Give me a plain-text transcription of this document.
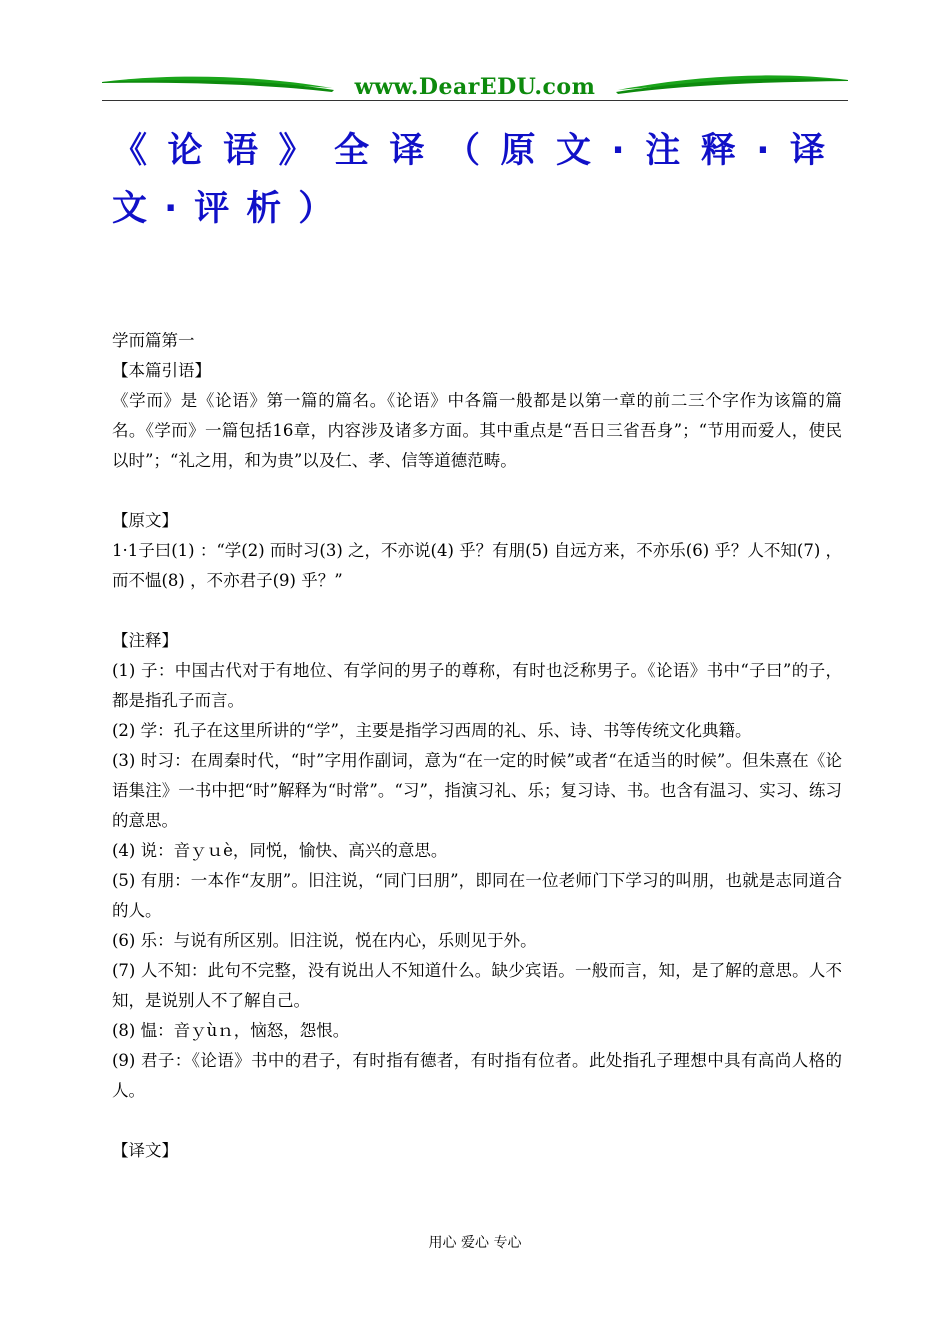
www.DearEDU.com
《论语》全译（原文·注释·译文·评析）

学而篇第一

【本篇引语】

《学而》是《论语》第一篇的篇名。《论语》中各篇一般都是以第一章的前二三个字作为该篇的篇名。《学而》一篇包括16章，内容涉及诸多方面。其中重点是“吾日三省吾身”；“节用而爱人，使民以时”；“礼之用，和为贵”以及仁、孝、信等道德范畴。

【原文】

1·1子曰(1) ：“学(2) 而时习(3) 之，不亦说(4) 乎？有朋(5) 自远方来，不亦乐(6) 乎？人不知(7) ，而不愠(8) ，不亦君子(9) 乎？”

【注释】

(1) 子：中国古代对于有地位、有学问的男子的尊称，有时也泛称男子。《论语》书中“子曰”的子，都是指孔子而言。

(2) 学：孔子在这里所讲的“学”，主要是指学习西周的礼、乐、诗、书等传统文化典籍。

(3) 时习：在周秦时代，“时”字用作副词，意为“在一定的时候”或者“在适当的时候”。但朱熹在《论语集注》一书中把“时”解释为“时常”。“习”，指演习礼、乐；复习诗、书。也含有温习、实习、练习的意思。

(4) 说：音ｙｕè，同悦，愉快、高兴的意思。

(5) 有朋：一本作“友朋”。旧注说，“同门曰朋”，即同在一位老师门下学习的叫朋，也就是志同道合的人。

(6) 乐：与说有所区别。旧注说，悦在内心，乐则见于外。

(7) 人不知：此句不完整，没有说出人不知道什么。缺少宾语。一般而言，知，是了解的意思。人不知，是说别人不了解自己。

(8) 愠：音ｙùｎ，恼怒，怨恨。

(9) 君子：《论语》书中的君子，有时指有德者，有时指有位者。此处指孔子理想中具有高尚人格的人。

【译文】

用心 爱心 专心
